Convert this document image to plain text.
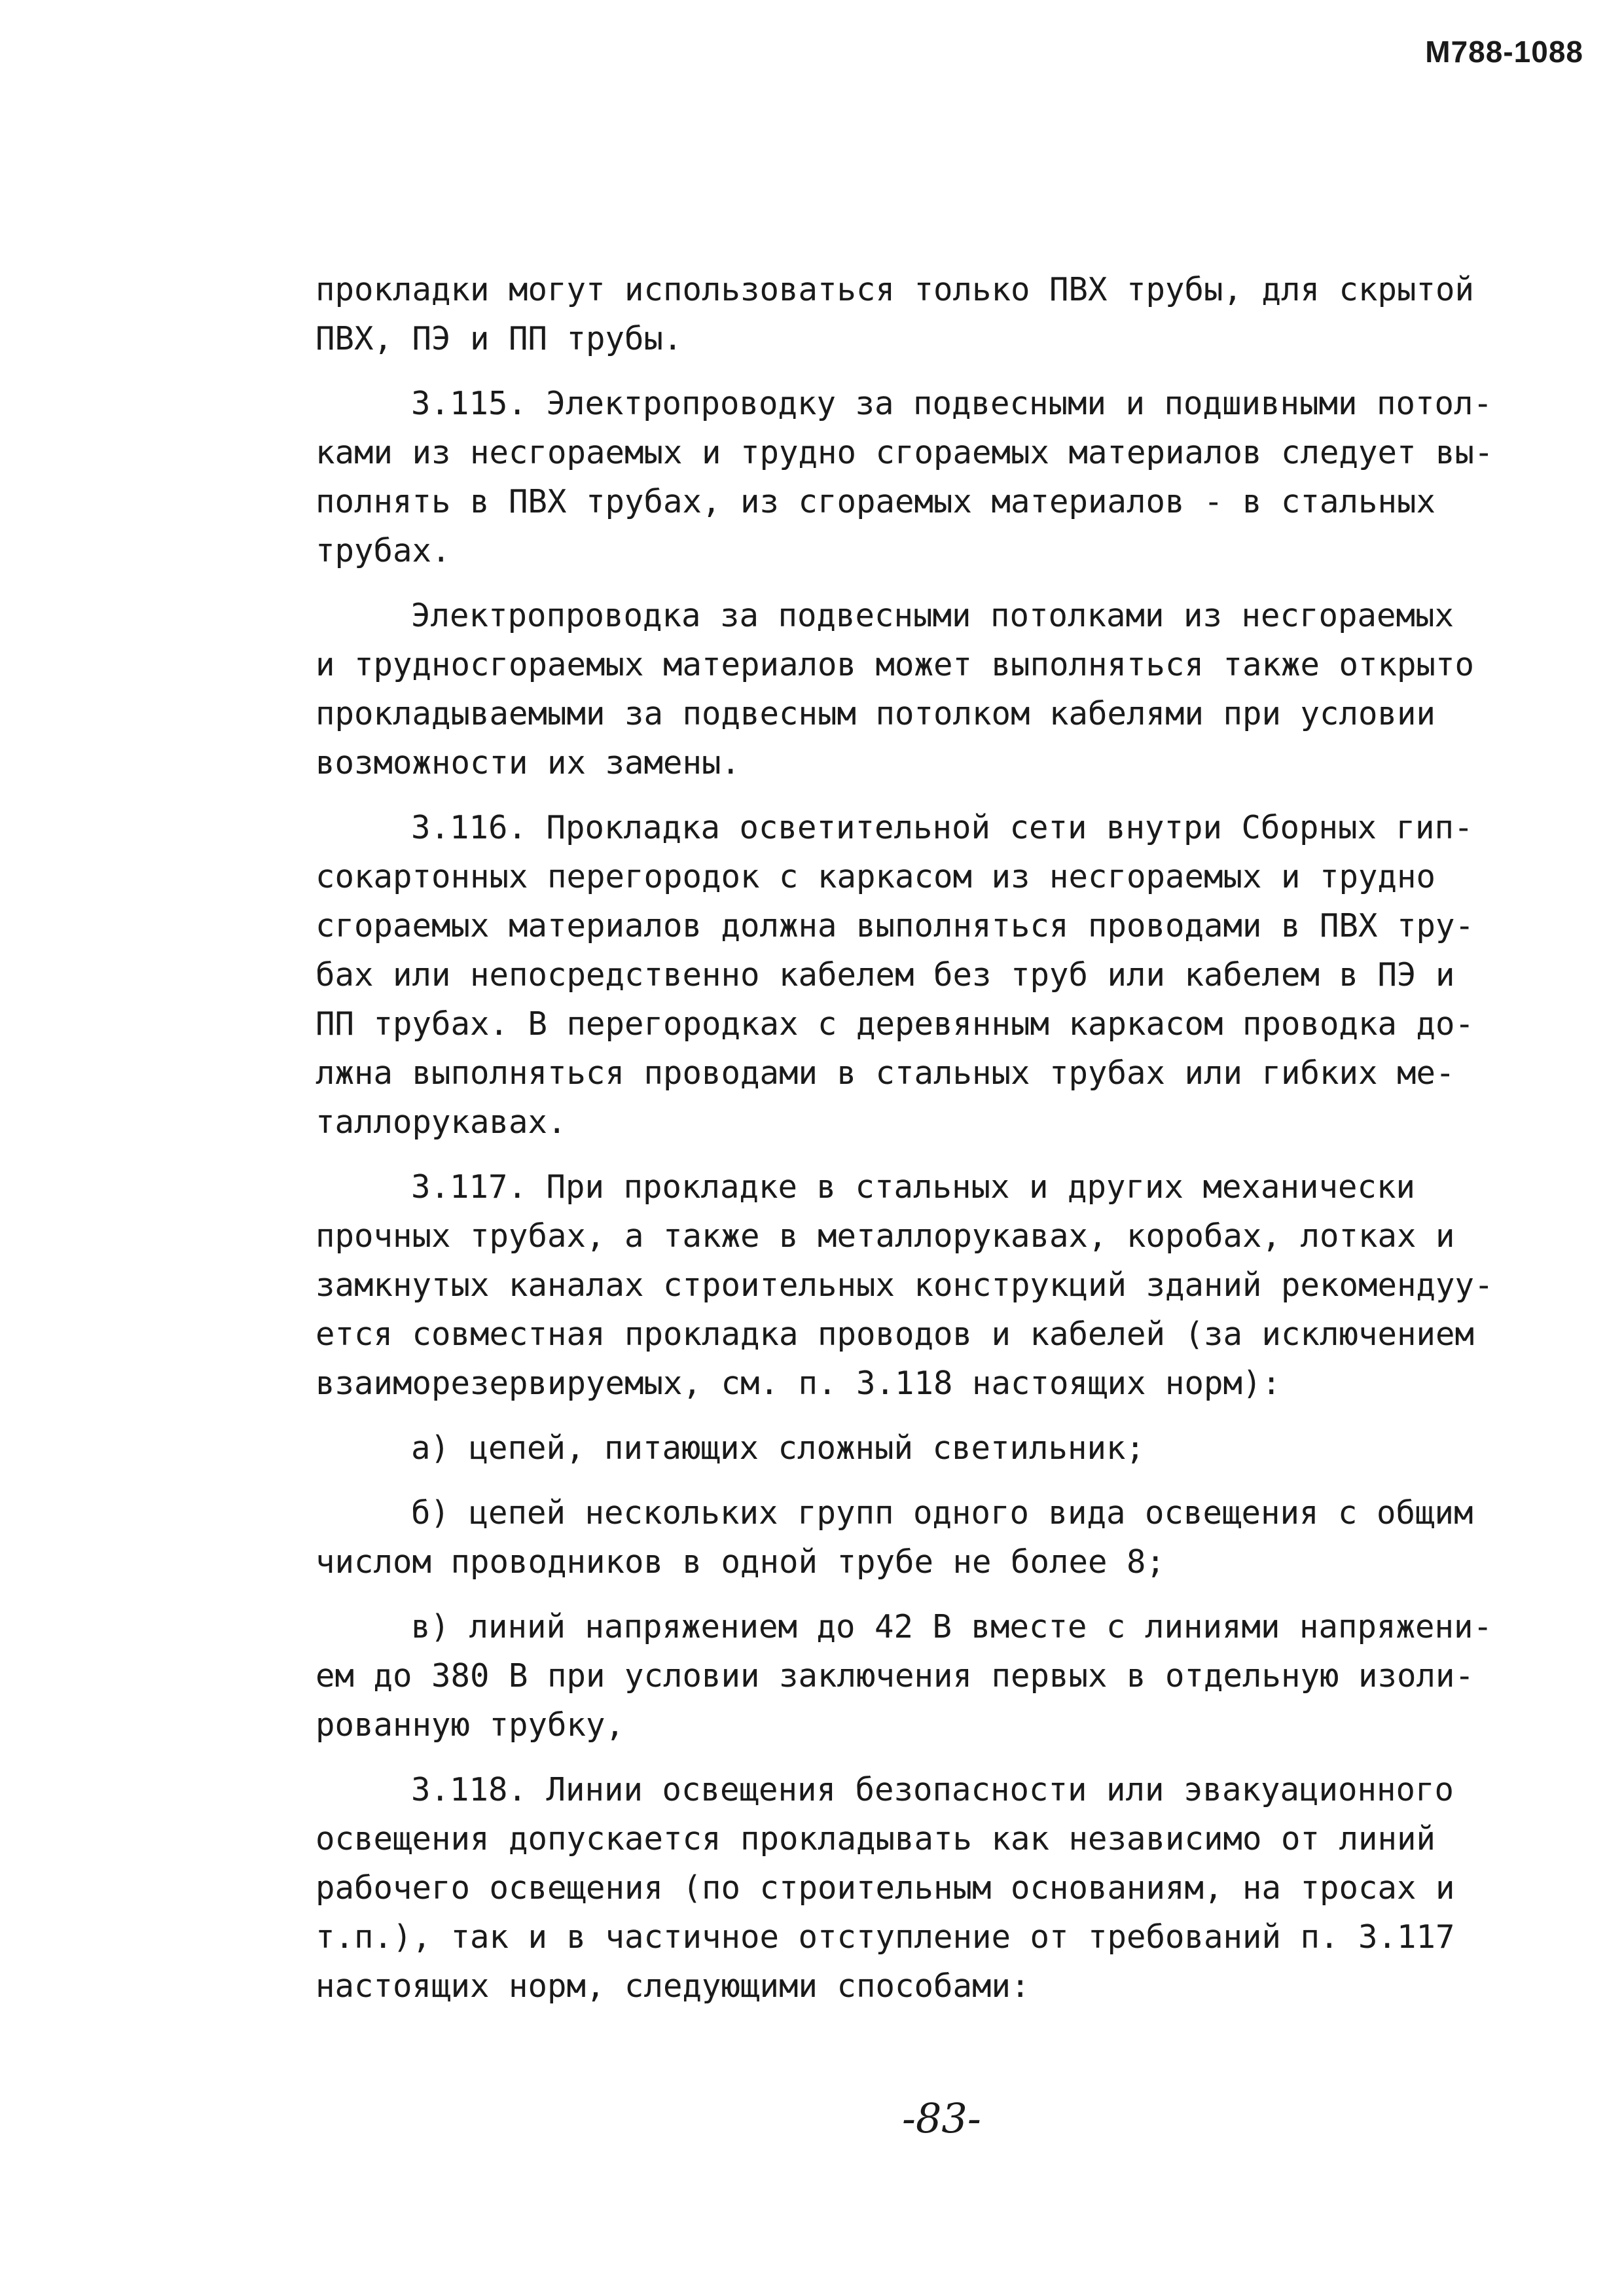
М788-1088
прокладки могут использоваться только ПВХ трубы, для скрытой
ПВХ, ПЭ и ПП трубы.
3.115. Электропроводку за подвесными и подшивными потол-
ками из несгораемых и трудно сгораемых материалов следует вы-
полнять в ПВХ трубах, из сгораемых материалов - в стальных
трубах.
Электропроводка за подвесными потолками из несгораемых
и трудносгораемых материалов может выполняться также открыто
прокладываемыми за подвесным потолком кабелями при условии
возможности их замены.
3.116. Прокладка осветительной сети внутри Сборных гип-
сокартонных перегородок с каркасом из несгораемых и трудно
сгораемых материалов должна выполняться проводами в ПВХ тру-
бах или непосредственно кабелем без труб или кабелем в ПЭ и
ПП трубах. В перегородках с деревянным каркасом проводка до-
лжна выполняться проводами в стальных трубах или гибких ме-
таллорукавах.
3.117. При прокладке в стальных и других механически
прочных трубах, а также в металлорукавах, коробах, лотках и
замкнутых каналах строительных конструкций зданий рекомендуу-
ется совместная прокладка проводов и кабелей (за исключением
взаиморезервируемых, см. п. 3.118 настоящих норм):
а) цепей, питающих сложный светильник;
б) цепей нескольких групп одного вида освещения с общим
числом проводников в одной трубе не более 8;
в) линий напряжением до 42 В вместе с линиями напряжени-
ем до 380 В при условии заключения первых в отдельную изоли-
рованную трубку,
3.118. Линии освещения безопасности или эвакуационного
освещения допускается прокладывать как независимо от линий
рабочего освещения (по строительным основаниям, на тросах и
т.п.), так и в частичное отступление от требований п. 3.117
настоящих норм, следующими способами:
-83-
